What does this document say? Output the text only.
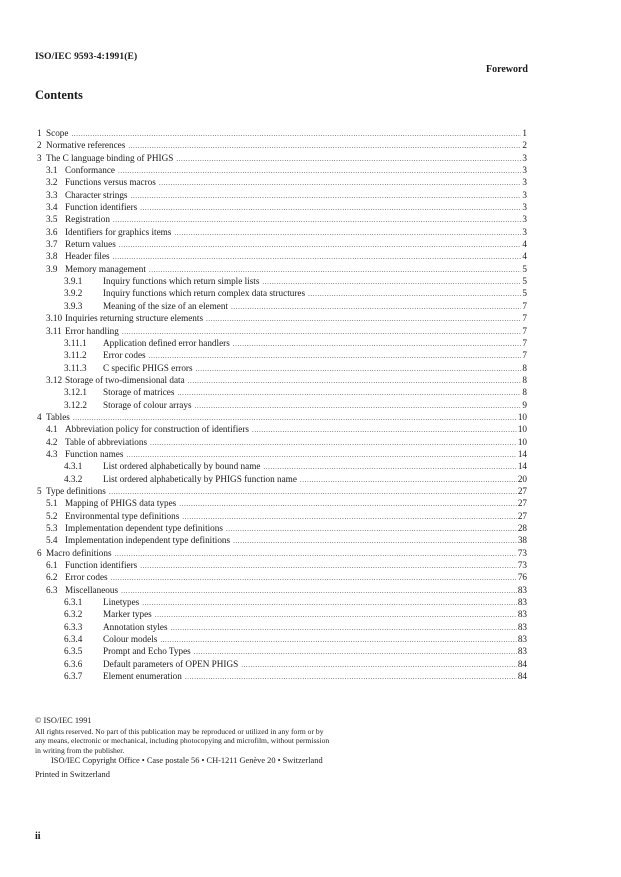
ISO/IEC 9593-4:1991(E)
Foreword
Contents
1 Scope .....	1
2 Normative references .....	2
3 The C language binding of PHIGS .....	3
3.1 Conformance .....	3
3.2 Functions versus macros .....	3
3.3 Character strings .....	3
3.4 Function identifiers .....	3
3.5 Registration .....	3
3.6 Identifiers for graphics items .....	3
3.7 Return values .....	4
3.8 Header files .....	4
3.9 Memory management .....	5
3.9.1	Inquiry functions which return simple lists .....	5
3.9.2	Inquiry functions which return complex data structures .....	5
3.9.3	Meaning of the size of an element .....	7
3.10 Inquiries returning structure elements .....	7
3.11 Error handling .....	7
3.11.1	Application defined error handlers .....	7
3.11.2	Error codes .....	7
3.11.3	C specific PHIGS errors .....	8
3.12 Storage of two-dimensional data .....	8
3.12.1	Storage of matrices .....	8
3.12.2	Storage of colour arrays .....	9
4 Tables .....	10
4.1 Abbreviation policy for construction of identifiers .....	10
4.2 Table of abbreviations .....	10
4.3 Function names .....	14
4.3.1	List ordered alphabetically by bound name .....	14
4.3.2	List ordered alphabetically by PHIGS function name .....	20
5 Type definitions .....	27
5.1 Mapping of PHIGS data types .....	27
5.2 Environmental type definitions .....	27
5.3 Implementation dependent type definitions .....	28
5.4 Implementation independent type definitions .....	38
6 Macro definitions .....	73
6.1 Function identifiers .....	73
6.2 Error codes .....	76
6.3 Miscellaneous .....	83
6.3.1	Linetypes .....	83
6.3.2	Marker types .....	83
6.3.3	Annotation styles .....	83
6.3.4	Colour models .....	83
6.3.5	Prompt and Echo Types .....	83
6.3.6	Default parameters of OPEN PHIGS .....	84
6.3.7	Element enumeration .....	84
© ISO/IEC 1991
All rights reserved. No part of this publication may be reproduced or utilized in any form or by
any means, electronic or mechanical, including photocopying and microfilm, without permission
in writing from the publisher.
ISO/IEC Copyright Office • Case postale 56 • CH-1211 Genève 20 • Switzerland
Printed in Switzerland
ii
